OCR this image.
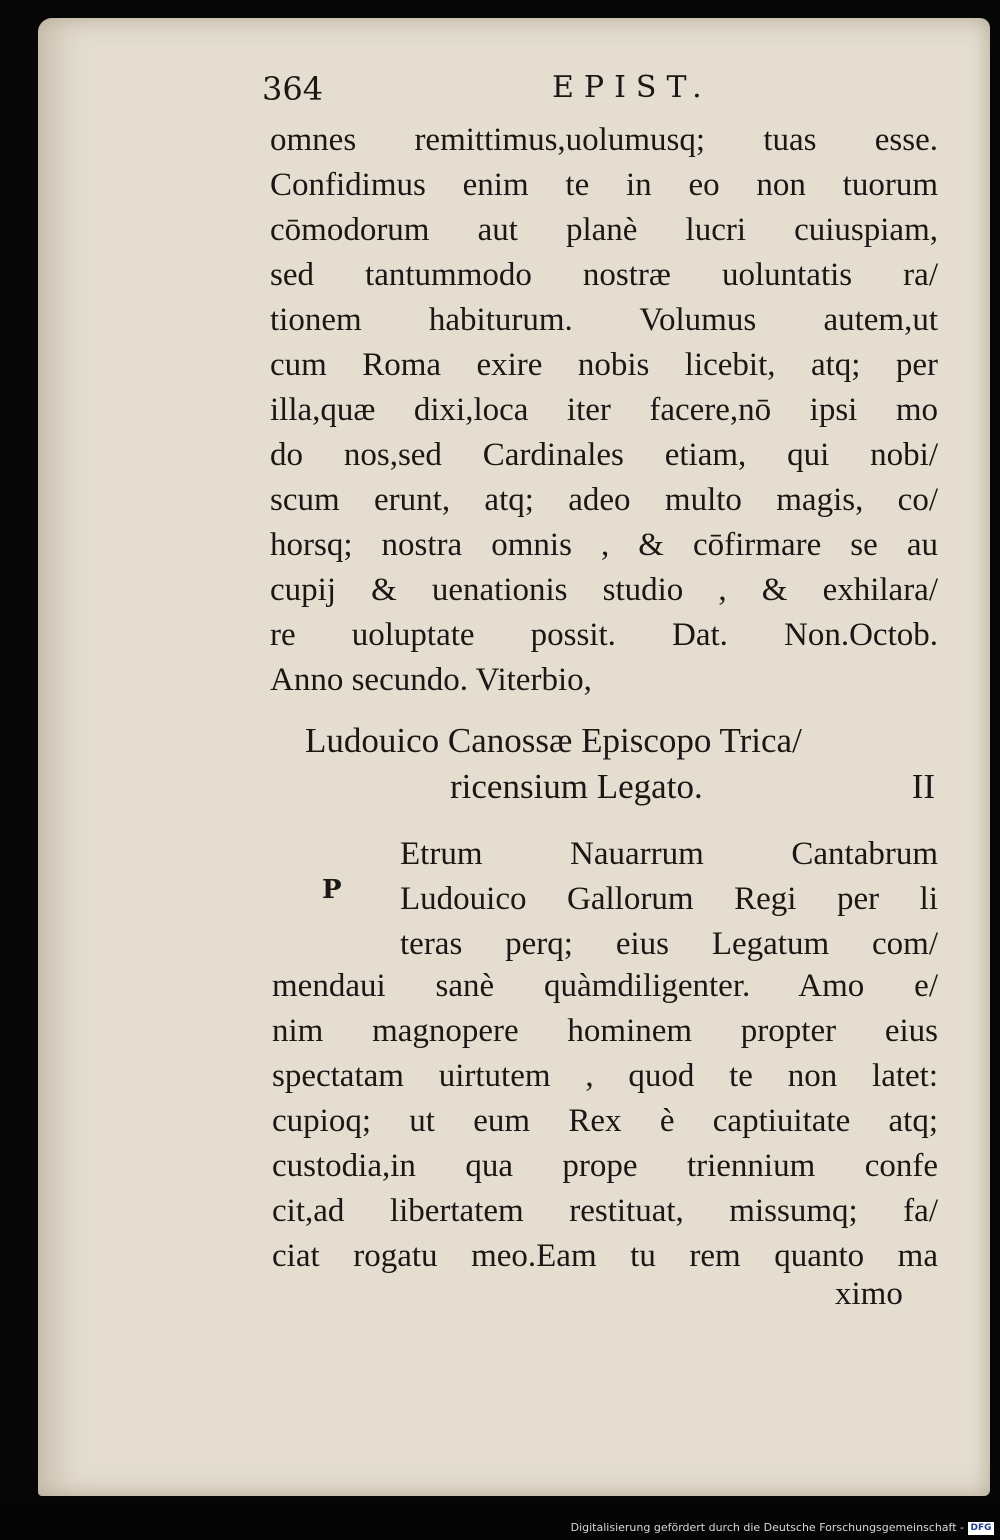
364	EPIST.
omnes remittimus,uolumusq; tuas esse.
Confidimus enim te in eo non tuorum
cōmodorum aut planè lucri cuiuspiam,
sed tantummodo nostræ uoluntatis ra/
tionem habiturum. Volumus autem,ut
cum Roma exire nobis licebit, atq; per
illa,quæ dixi,loca iter facere,nō ipsi mo
do nos,sed Cardinales etiam, qui nobi/
scum erunt, atq; adeo multo magis, co/
horsq; nostra omnis , & cōfirmare se au
cupij & uenationis studio , & exhilara/
re uoluptate possit. Dat. Non.Octob.
Anno secundo. Viterbio,
Ludouico Canossæ Episcopo Trica/
ricensium Legato.	II
P
Etrum Nauarrum Cantabrum
Ludouico Gallorum Regi per li
teras perq; eius Legatum com/
mendaui sanè quàmdiligenter. Amo e/
nim magnopere hominem propter eius
spectatam uirtutem , quod te non latet:
cupioq; ut eum Rex è captiuitate atq;
custodia,in qua prope triennium confe
cit,ad libertatem restituat, missumq; fa/
ciat rogatu meo.Eam tu rem quanto ma
ximo
Digitalisierung gefördert durch die Deutsche Forschungsgemeinschaft - DFG
